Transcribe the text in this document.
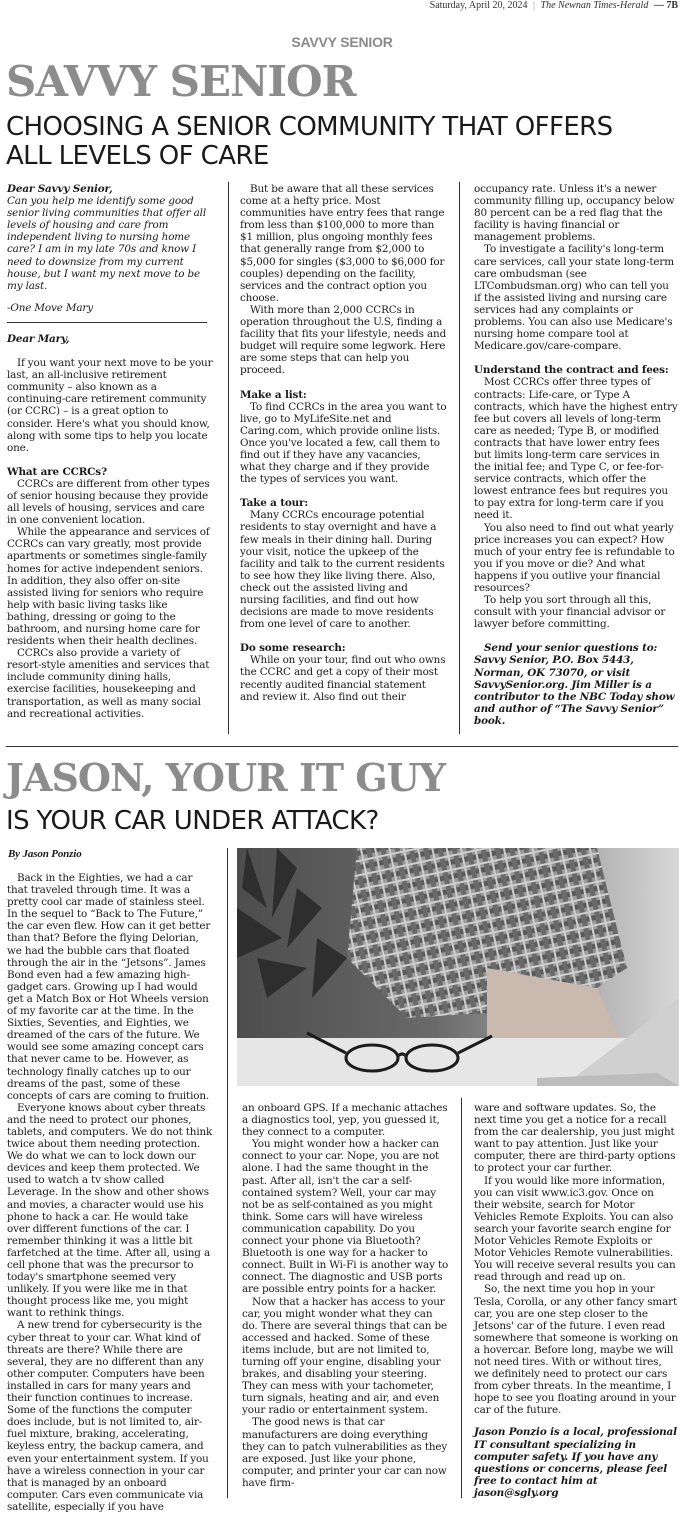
Saturday, April 20, 2024 | The Newnan Times-Herald — 7B
SAVVY SENIOR
SAVVY SENIOR
CHOOSING A SENIOR COMMUNITY THAT OFFERS
ALL LEVELS OF CARE

Dear Savvy Senior,

Can you help me identify some good senior living communities that offer all levels of housing and care from independent living to nursing home care? I am in my late 70s and know I need to downsize from my current house, but I want my next move to be my last.

-One Move Mary

Dear Mary,

If you want your next move to be your last, an all-inclusive retirement community – also known as a continuing-care retirement community (or CCRC) – is a great option to consider. Here's what you should know, along with some tips to help you locate one.

What are CCRCs?

CCRCs are different from other types of senior housing because they provide all levels of housing, services and care in one convenient location.

While the appearance and services of CCRCs can vary greatly, most provide apartments or sometimes single-family homes for active independent seniors. In addition, they also offer on-site assisted living for seniors who require help with basic living tasks like bathing, dressing or going to the bathroom, and nursing home care for residents when their health declines.

CCRCs also provide a variety of resort-style amenities and services that include community dining halls, exercise facilities, housekeeping and transportation, as well as many social and recreational activities.

But be aware that all these services come at a hefty price. Most communities have entry fees that range from less than $100,000 to more than $1 million, plus ongoing monthly fees that generally range from $2,000 to $5,000 for singles ($3,000 to $6,000 for couples) depending on the facility, services and the contract option you choose.

With more than 2,000 CCRCs in operation throughout the U.S, finding a facility that fits your lifestyle, needs and budget will require some legwork. Here are some steps that can help you proceed.

Make a list:

To find CCRCs in the area you want to live, go to MyLifeSite.net and Caring.com, which provide online lists. Once you've located a few, call them to find out if they have any vacancies, what they charge and if they provide the types of services you want.

Take a tour:

Many CCRCs encourage potential residents to stay overnight and have a few meals in their dining hall. During your visit, notice the upkeep of the facility and talk to the current residents to see how they like living there. Also, check out the assisted living and nursing facilities, and find out how decisions are made to move residents from one level of care to another.

Do some research:

While on your tour, find out who owns the CCRC and get a copy of their most recently audited financial statement and review it. Also find out their

occupancy rate. Unless it's a newer community filling up, occupancy below 80 percent can be a red flag that the facility is having financial or management problems.

To investigate a facility's long-term care services, call your state long-term care ombudsman (see LTCombudsman.org) who can tell you if the assisted living and nursing care services had any complaints or problems. You can also use Medicare's nursing home compare tool at Medicare.gov/care-compare.

Understand the contract and fees:

Most CCRCs offer three types of contracts: Life-care, or Type A contracts, which have the highest entry fee but covers all levels of long-term care as needed; Type B, or modified contracts that have lower entry fees but limits long-term care services in the initial fee; and Type C, or fee-for-service contracts, which offer the lowest entrance fees but requires you to pay extra for long-term care if you need it.

You also need to find out what yearly price increases you can expect? How much of your entry fee is refundable to you if you move or die? And what happens if you outlive your financial resources?

To help you sort through all this, consult with your financial advisor or lawyer before committing.

Send your senior questions to: Savvy Senior, P.O. Box 5443, Norman, OK 73070, or visit SavvySenior.org. Jim Miller is a contributor to the NBC Today show and author of “The Savvy Senior” book.

JASON, YOUR IT GUY
IS YOUR CAR UNDER ATTACK?
By Jason Ponzio

Back in the Eighties, we had a car that traveled through time. It was a pretty cool car made of stainless steel. In the sequel to “Back to The Future,” the car even flew. How can it get better than that? Before the flying Delorian, we had the bubble cars that floated through the air in the “Jetsons”. James Bond even had a few amazing high-gadget cars. Growing up I had would get a Match Box or Hot Wheels version of my favorite car at the time. In the Sixties, Seventies, and Eighties, we dreamed of the cars of the future. We would see some amazing concept cars that never came to be. However, as technology finally catches up to our dreams of the past, some of these concepts of cars are coming to fruition.

Everyone knows about cyber threats and the need to protect our phones, tablets, and computers. We do not think twice about them needing protection. We do what we can to lock down our devices and keep them protected. We used to watch a tv show called Leverage. In the show and other shows and movies, a character would use his phone to hack a car. He would take over different functions of the car. I remember thinking it was a little bit farfetched at the time. After all, using a cell phone that was the precursor to today's smartphone seemed very unlikely. If you were like me in that thought process like me, you might want to rethink things.

A new trend for cybersecurity is the cyber threat to your car. What kind of threats are there? While there are several, they are no different than any other computer. Computers have been installed in cars for many years and their function continues to increase. Some of the functions the computer does include, but is not limited to, air-fuel mixture, braking, accelerating, keyless entry, the backup camera, and even your entertainment system. If you have a wireless connection in your car that is managed by an onboard computer. Cars even communicate via satellite, especially if you have

an onboard GPS. If a mechanic attaches a diagnostics tool, yep, you guessed it, they connect to a computer.

You might wonder how a hacker can connect to your car. Nope, you are not alone. I had the same thought in the past. After all, isn't the car a self-contained system? Well, your car may not be as self-contained as you might think. Some cars will have wireless communication capability. Do you connect your phone via Bluetooth? Bluetooth is one way for a hacker to connect. Built in Wi-Fi is another way to connect. The diagnostic and USB ports are possible entry points for a hacker.

Now that a hacker has access to your car, you might wonder what they can do. There are several things that can be accessed and hacked. Some of these items include, but are not limited to, turning off your engine, disabling your brakes, and disabling your steering. They can mess with your tachometer, turn signals, heating and air, and even your radio or entertainment system.

The good news is that car manufacturers are doing everything they can to patch vulnerabilities as they are exposed. Just like your phone, computer, and printer your car can now have firm-

ware and software updates. So, the next time you get a notice for a recall from the car dealership, you just might want to pay attention. Just like your computer, there are third-party options to protect your car further.

If you would like more information, you can visit www.ic3.gov. Once on their website, search for Motor Vehicles Remote Exploits. You can also search your favorite search engine for Motor Vehicles Remote Exploits or Motor Vehicles Remote vulnerabilities. You will receive several results you can read through and read up on.

So, the next time you hop in your Tesla, Corolla, or any other fancy smart car, you are one step closer to the Jetsons' car of the future. I even read somewhere that someone is working on a hovercar. Before long, maybe we will not need tires. With or without tires, we definitely need to protect our cars from cyber threats. In the meantime, I hope to see you floating around in your car of the future.

Jason Ponzio is a local, professional IT consultant specializing in computer safety. If you have any questions or concerns, please feel free to contact him at jason@sgly.org
